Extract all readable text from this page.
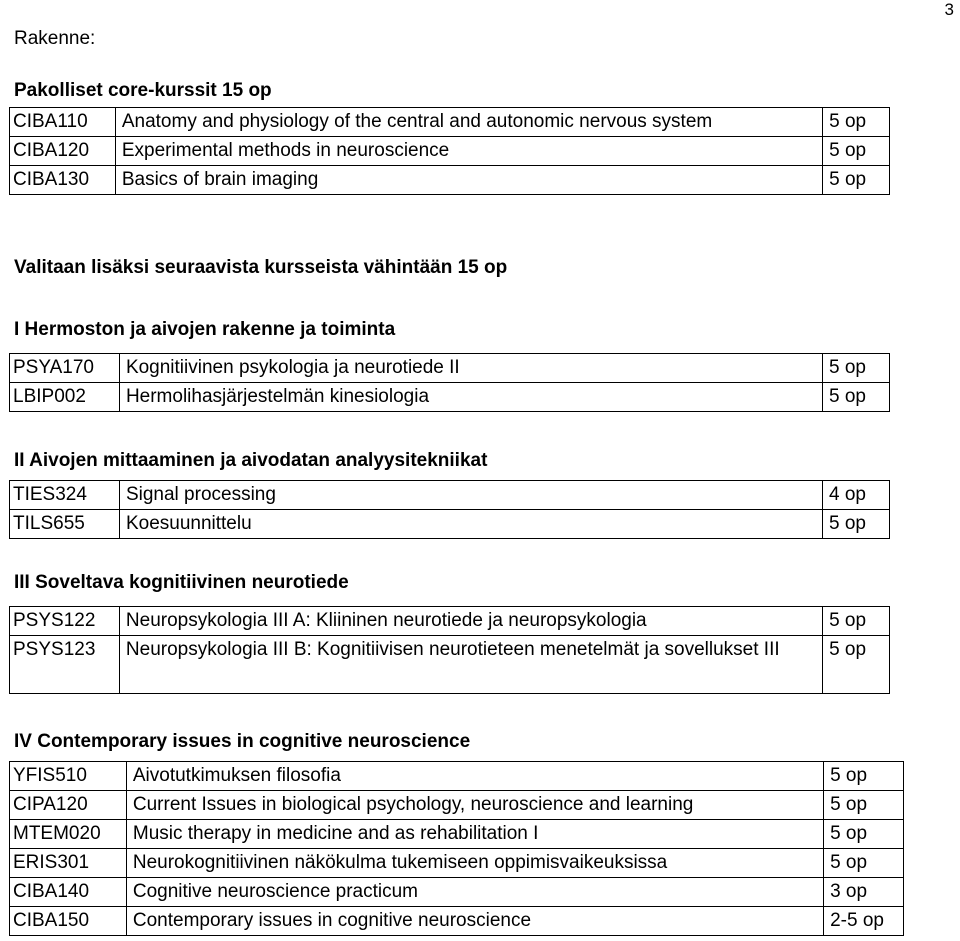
3
Rakenne:
Pakolliset core-kurssit 15 op
CIBA110	Anatomy and physiology of the central and autonomic nervous system	5 op
CIBA120	Experimental methods in neuroscience	5 op
CIBA130	Basics of brain imaging	5 op
Valitaan lisäksi seuraavista kursseista vähintään 15 op
I Hermoston ja aivojen rakenne ja toiminta
PSYA170	Kognitiivinen psykologia ja neurotiede II	5 op
LBIP002	Hermolihasjärjestelmän kinesiologia	5 op
II Aivojen mittaaminen ja aivodatan analyysitekniikat
TIES324	Signal processing	4 op
TILS655	Koesuunnittelu	5 op
III Soveltava kognitiivinen neurotiede
PSYS122	Neuropsykologia III A: Kliininen neurotiede ja neuropsykologia	5 op
PSYS123	Neuropsykologia III B: Kognitiivisen neurotieteen menetelmät ja sovellukset III	5 op
IV Contemporary issues in cognitive neuroscience
YFIS510	Aivotutkimuksen filosofia	5 op
CIPA120	Current Issues in biological psychology, neuroscience and learning	5 op
MTEM020	Music therapy in medicine and as rehabilitation I	5 op
ERIS301	Neurokognitiivinen näkökulma tukemiseen oppimisvaikeuksissa	5 op
CIBA140	Cognitive neuroscience practicum	3 op
CIBA150	Contemporary issues in cognitive neuroscience	2-5 op
